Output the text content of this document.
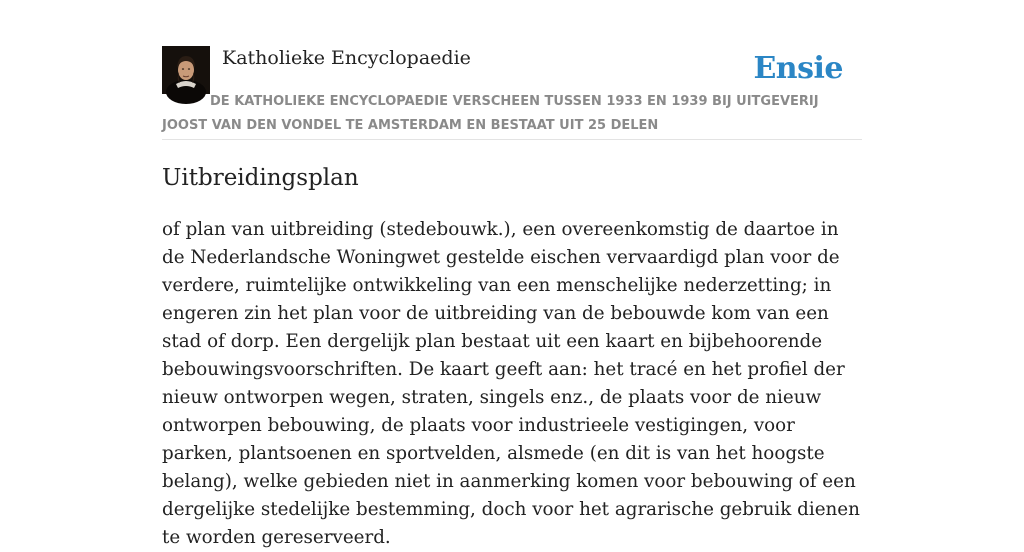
Katholieke Encyclopaedie	Ensie
DE KATHOLIEKE ENCYCLOPAEDIE VERSCHEEN TUSSEN 1933 EN 1939 BIJ UITGEVERIJ JOOST VAN DEN VONDEL TE AMSTERDAM EN BESTAAT UIT 25 DELEN
Uitbreidingsplan

of plan van uitbreiding (stedebouwk.), een overeenkomstig de daartoe in de Nederlandsche Woningwet gestelde eischen vervaardigd plan voor de verdere, ruimtelijke ontwikkeling van een menschelijke nederzetting; in engeren zin het plan voor de uitbreiding van de bebouwde kom van een stad of dorp. Een dergelijk plan bestaat uit een kaart en bijbehoorende bebouwingsvoorschriften. De kaart geeft aan: het tracé en het profiel der nieuw ontworpen wegen, straten, singels enz., de plaats voor de nieuw ontworpen bebouwing, de plaats voor industrieele vestigingen, voor parken, plantsoenen en sportvelden, alsmede (en dit is van het hoogste belang), welke gebieden niet in aanmerking komen voor bebouwing of een dergelijke stedelijke bestemming, doch voor het agrarische gebruik dienen te worden gereserveerd.
